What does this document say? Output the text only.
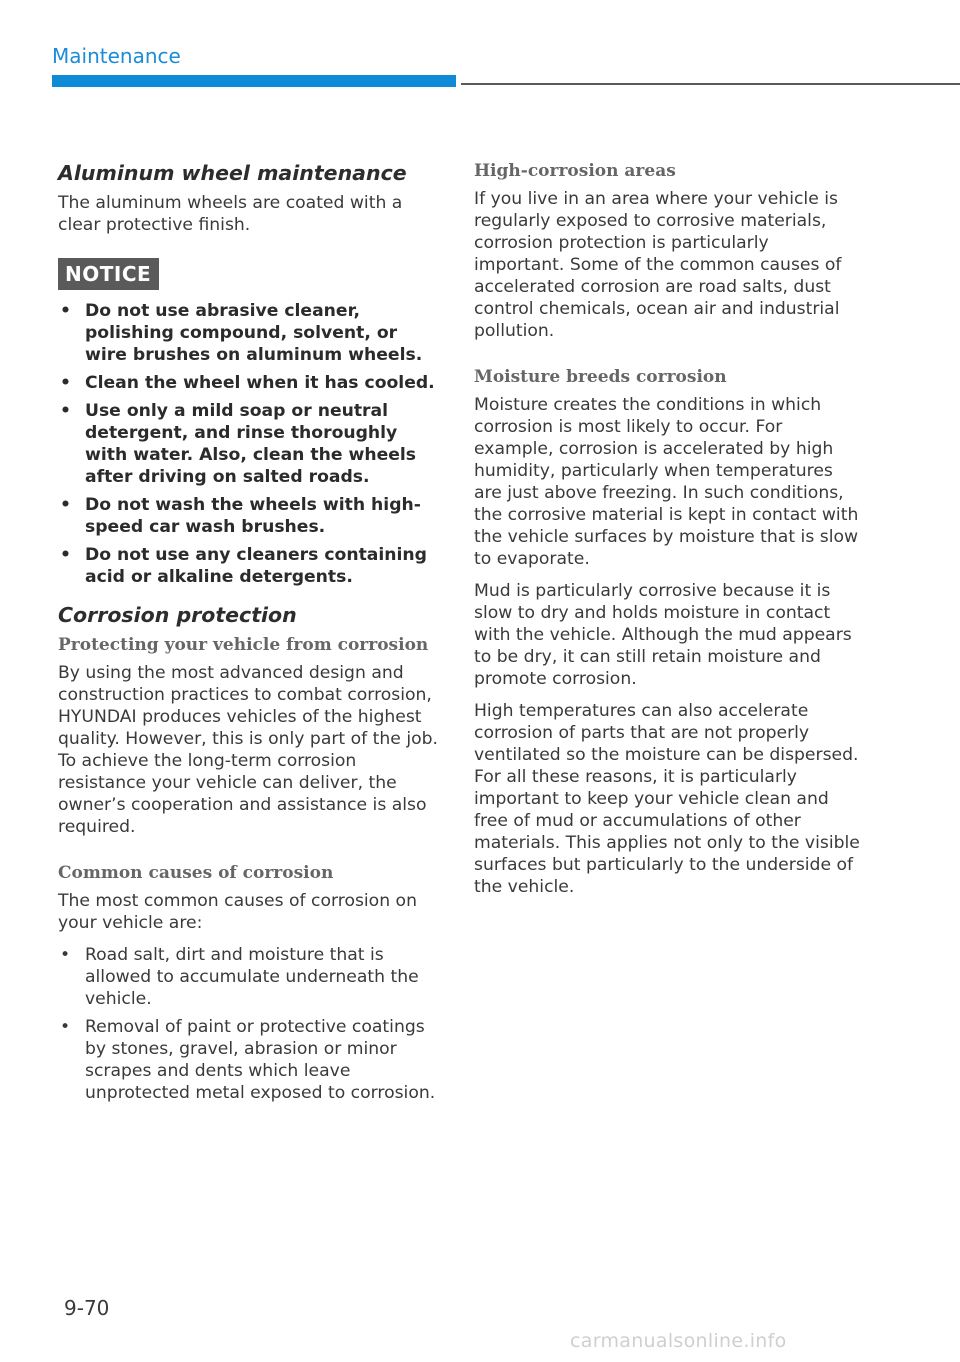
Maintenance
Aluminum wheel maintenance

The aluminum wheels are coated with a clear protective finish.

NOTICE
• Do not use abrasive cleaner, polishing compound, solvent, or wire brushes on aluminum wheels.
• Clean the wheel when it has cooled.
• Use only a mild soap or neutral detergent, and rinse thoroughly with water. Also, clean the wheels after driving on salted roads.
• Do not wash the wheels with high-speed car wash brushes.
• Do not use any cleaners containing acid or alkaline detergents.
Corrosion protection
Protecting your vehicle from corrosion

By using the most advanced design and construction practices to combat corrosion, HYUNDAI produces vehicles of the highest quality. However, this is only part of the job. To achieve the long-term corrosion resistance your vehicle can deliver, the owner’s cooperation and assistance is also required.

Common causes of corrosion

The most common causes of corrosion on your vehicle are:

• Road salt, dirt and moisture that is allowed to accumulate underneath the vehicle.
• Removal of paint or protective coatings by stones, gravel, abrasion or minor scrapes and dents which leave unprotected metal exposed to corrosion.
High-corrosion areas

If you live in an area where your vehicle is regularly exposed to corrosive materials, corrosion protection is particularly important. Some of the common causes of accelerated corrosion are road salts, dust control chemicals, ocean air and industrial pollution.

Moisture breeds corrosion

Moisture creates the conditions in which corrosion is most likely to occur. For example, corrosion is accelerated by high humidity, particularly when temperatures are just above freezing. In such conditions, the corrosive material is kept in contact with the vehicle surfaces by moisture that is slow to evaporate.

Mud is particularly corrosive because it is slow to dry and holds moisture in contact with the vehicle. Although the mud appears to be dry, it can still retain moisture and promote corrosion.

High temperatures can also accelerate corrosion of parts that are not properly ventilated so the moisture can be dispersed. For all these reasons, it is particularly important to keep your vehicle clean and free of mud or accumulations of other materials. This applies not only to the visible surfaces but particularly to the underside of the vehicle.

9-70

carmanualsonline.info
